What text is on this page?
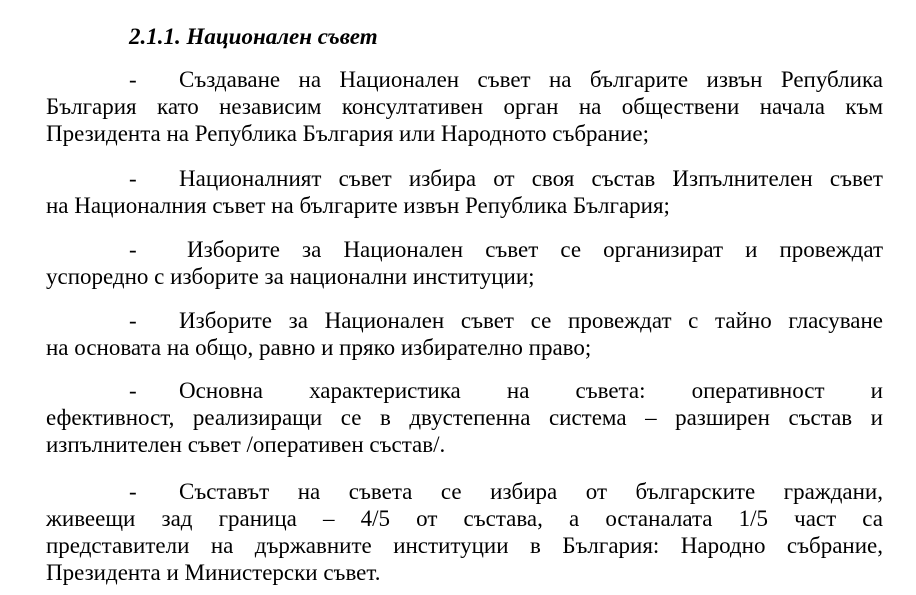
2.1.1. Национален съвет
-	Създаване на Национален съвет на българите извън Република
България като независим консултативен орган на обществени начала към
Президента на Република България или Народното събрание;
-	Националният съвет избира от своя състав Изпълнителен съвет
на Националния съвет на българите извън Република България;
-	Изборите за Национален съвет се организират и провеждат
успоредно с изборите за национални институции;
-	Изборите за Национален съвет се провеждат с тайно гласуване
на основата на общо, равно и пряко избирателно право;
-	Основна характеристика на съвета: оперативност и
ефективност, реализиращи се в двустепенна система – разширен състав и
изпълнителен съвет /оперативен състав/.
-	Съставът на съвета се избира от българските граждани,
живеещи зад граница – 4/5 от състава, а останалата 1/5 част са
представители на държавните институции в България: Народно събрание,
Президента и Министерски съвет.
